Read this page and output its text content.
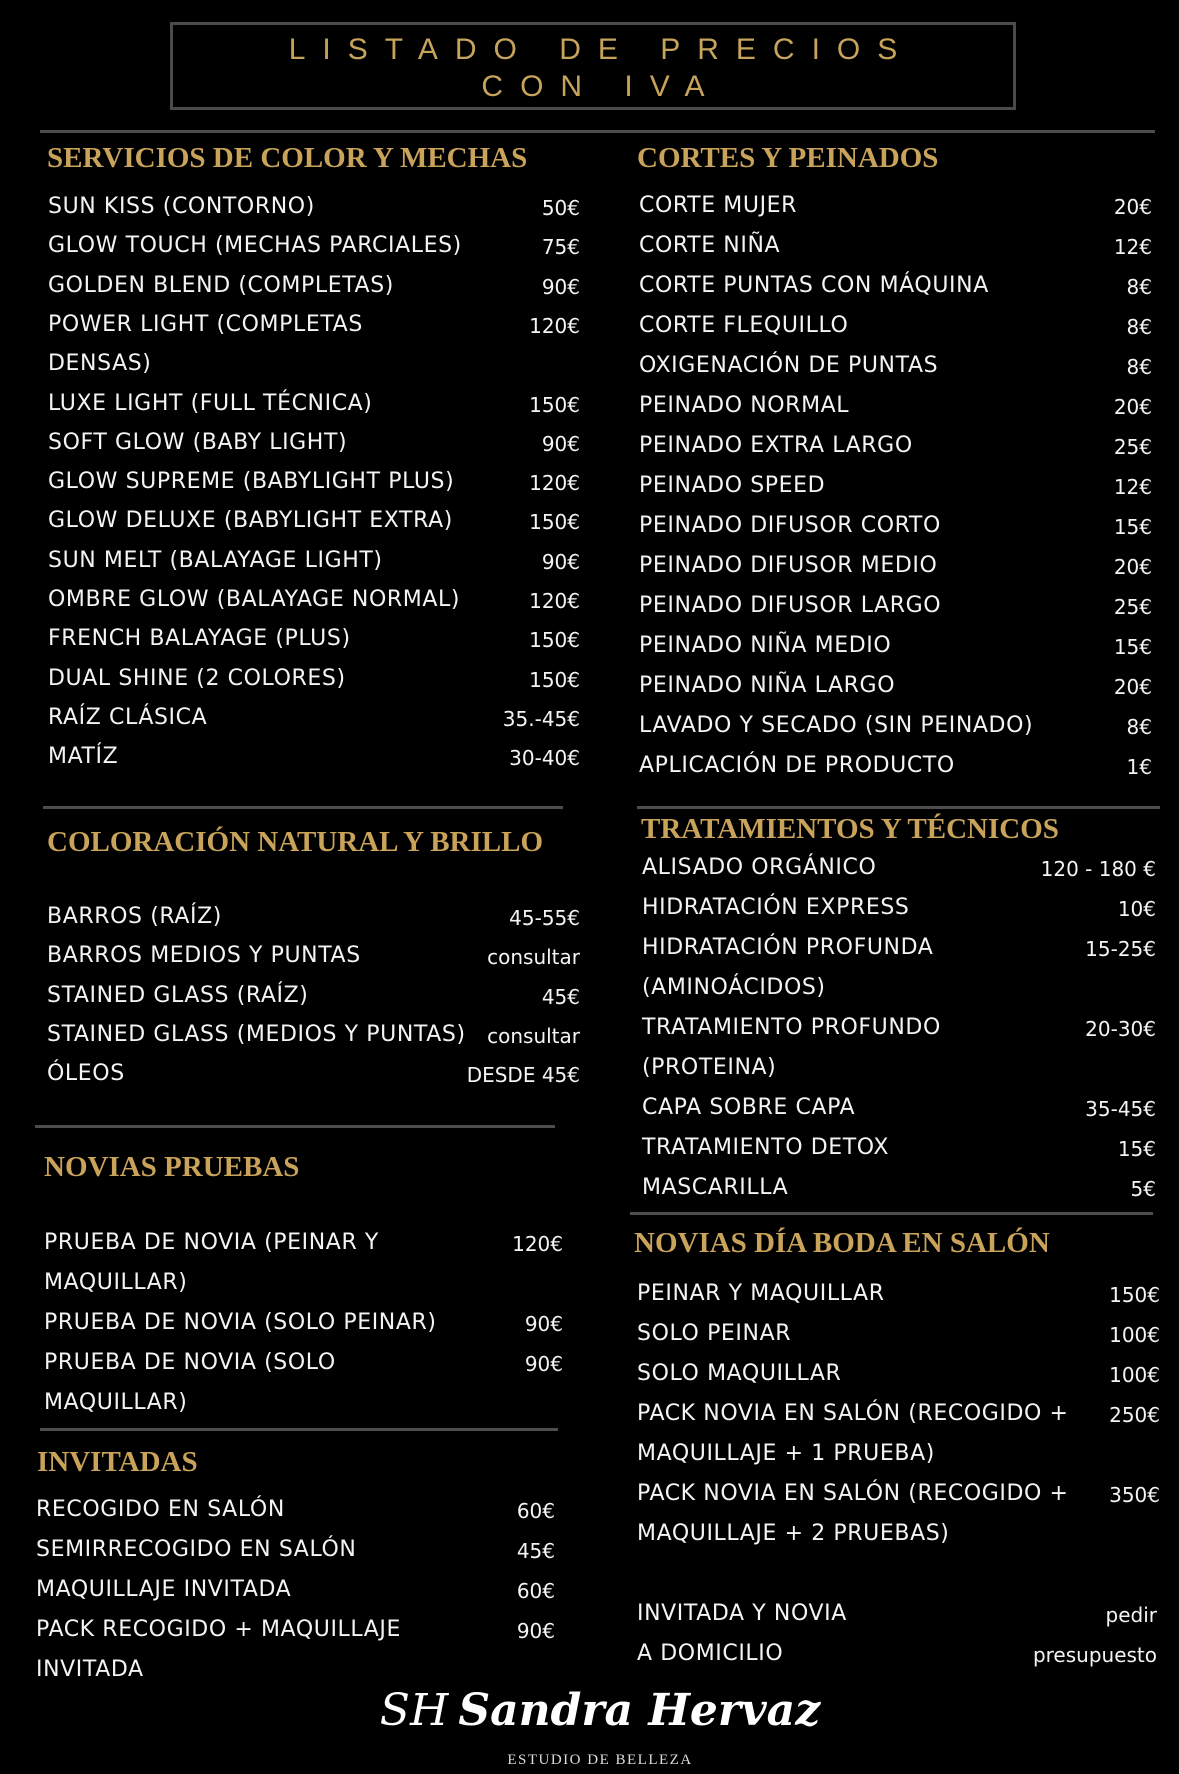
LISTADO DE PRECIOS
CON IVA
SERVICIOS DE COLOR Y MECHAS
COLORACIÓN NATURAL Y BRILLO
NOVIAS PRUEBAS
INVITADAS
CORTES Y PEINADOS
TRATAMIENTOS Y TÉCNICOS
NOVIAS DÍA BODA EN SALÓN
SUN KISS (CONTORNO)	50€
GLOW TOUCH (MECHAS PARCIALES)	75€
GOLDEN BLEND (COMPLETAS)	90€
POWER LIGHT (COMPLETAS	120€
DENSAS)
LUXE LIGHT (FULL TÉCNICA)	150€
SOFT GLOW (BABY LIGHT)	90€
GLOW SUPREME (BABYLIGHT PLUS)	120€
GLOW DELUXE (BABYLIGHT EXTRA)	150€
SUN MELT (BALAYAGE LIGHT)	90€
OMBRE GLOW (BALAYAGE NORMAL)	120€
FRENCH BALAYAGE (PLUS)	150€
DUAL SHINE (2 COLORES)	150€
RAÍZ CLÁSICA	35.-45€
MATÍZ	30-40€
BARROS (RAÍZ)	45-55€
BARROS MEDIOS Y PUNTAS	consultar
STAINED GLASS (RAÍZ)	45€
STAINED GLASS (MEDIOS Y PUNTAS)	consultar
ÓLEOS	DESDE 45€
PRUEBA DE NOVIA (PEINAR Y	120€
MAQUILLAR)
PRUEBA DE NOVIA (SOLO PEINAR)	90€
PRUEBA DE NOVIA (SOLO	90€
MAQUILLAR)
RECOGIDO EN SALÓN	60€
SEMIRRECOGIDO EN SALÓN	45€
MAQUILLAJE INVITADA	60€
PACK RECOGIDO + MAQUILLAJE	90€
INVITADA
CORTE MUJER	20€
CORTE NIÑA	12€
CORTE PUNTAS CON MÁQUINA	8€
CORTE FLEQUILLO	8€
OXIGENACIÓN DE PUNTAS	8€
PEINADO NORMAL	20€
PEINADO EXTRA LARGO	25€
PEINADO SPEED	12€
PEINADO DIFUSOR CORTO	15€
PEINADO DIFUSOR MEDIO	20€
PEINADO DIFUSOR LARGO	25€
PEINADO NIÑA MEDIO	15€
PEINADO NIÑA LARGO	20€
LAVADO Y SECADO (SIN PEINADO)	8€
APLICACIÓN DE PRODUCTO	1€
ALISADO ORGÁNICO	120 - 180 €
HIDRATACIÓN EXPRESS	10€
HIDRATACIÓN PROFUNDA	15-25€
(AMINOÁCIDOS)
TRATAMIENTO PROFUNDO	20-30€
(PROTEINA)
CAPA SOBRE CAPA	35-45€
TRATAMIENTO DETOX	15€
MASCARILLA	5€
PEINAR Y MAQUILLAR	150€
SOLO PEINAR	100€
SOLO MAQUILLAR	100€
PACK NOVIA EN SALÓN (RECOGIDO +	250€
MAQUILLAJE + 1 PRUEBA)
PACK NOVIA EN SALÓN (RECOGIDO +	350€
MAQUILLAJE + 2 PRUEBAS)
INVITADA Y NOVIA	pedir
A DOMICILIO	presupuesto
SH Sandra Hervaz
ESTUDIO DE BELLEZA
